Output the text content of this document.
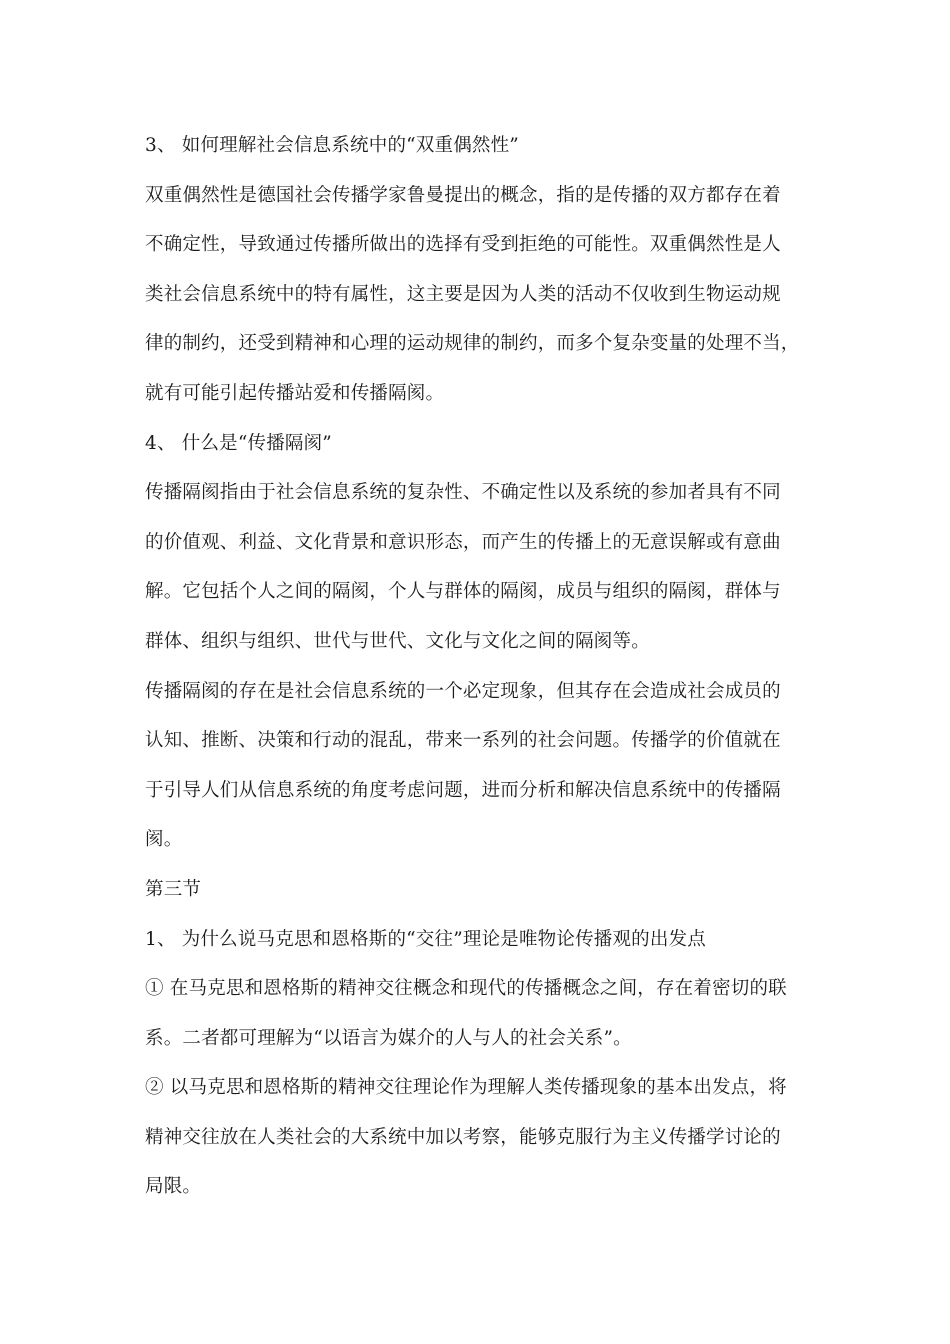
3、 如何理解社会信息系统中的“双重偶然性”
双重偶然性是德国社会传播学家鲁曼提出的概念，指的是传播的双方都存在着
不确定性，导致通过传播所做出的选择有受到拒绝的可能性。双重偶然性是人
类社会信息系统中的特有属性，这主要是因为人类的活动不仅收到生物运动规
律的制约，还受到精神和心理的运动规律的制约，而多个复杂变量的处理不当，
就有可能引起传播站爱和传播隔阂。
4、 什么是“传播隔阂”
传播隔阂指由于社会信息系统的复杂性、不确定性以及系统的参加者具有不同
的价值观、利益、文化背景和意识形态，而产生的传播上的无意误解或有意曲
解。它包括个人之间的隔阂，个人与群体的隔阂，成员与组织的隔阂，群体与
群体、组织与组织、世代与世代、文化与文化之间的隔阂等。
传播隔阂的存在是社会信息系统的一个必定现象，但其存在会造成社会成员的
认知、推断、决策和行动的混乱，带来一系列的社会问题。传播学的价值就在
于引导人们从信息系统的角度考虑问题，进而分析和解决信息系统中的传播隔
阂。
第三节
1、 为什么说马克思和恩格斯的“交往”理论是唯物论传播观的出发点
① 在马克思和恩格斯的精神交往概念和现代的传播概念之间，存在着密切的联
系。二者都可理解为“以语言为媒介的人与人的社会关系”。
② 以马克思和恩格斯的精神交往理论作为理解人类传播现象的基本出发点，将
精神交往放在人类社会的大系统中加以考察，能够克服行为主义传播学讨论的
局限。
